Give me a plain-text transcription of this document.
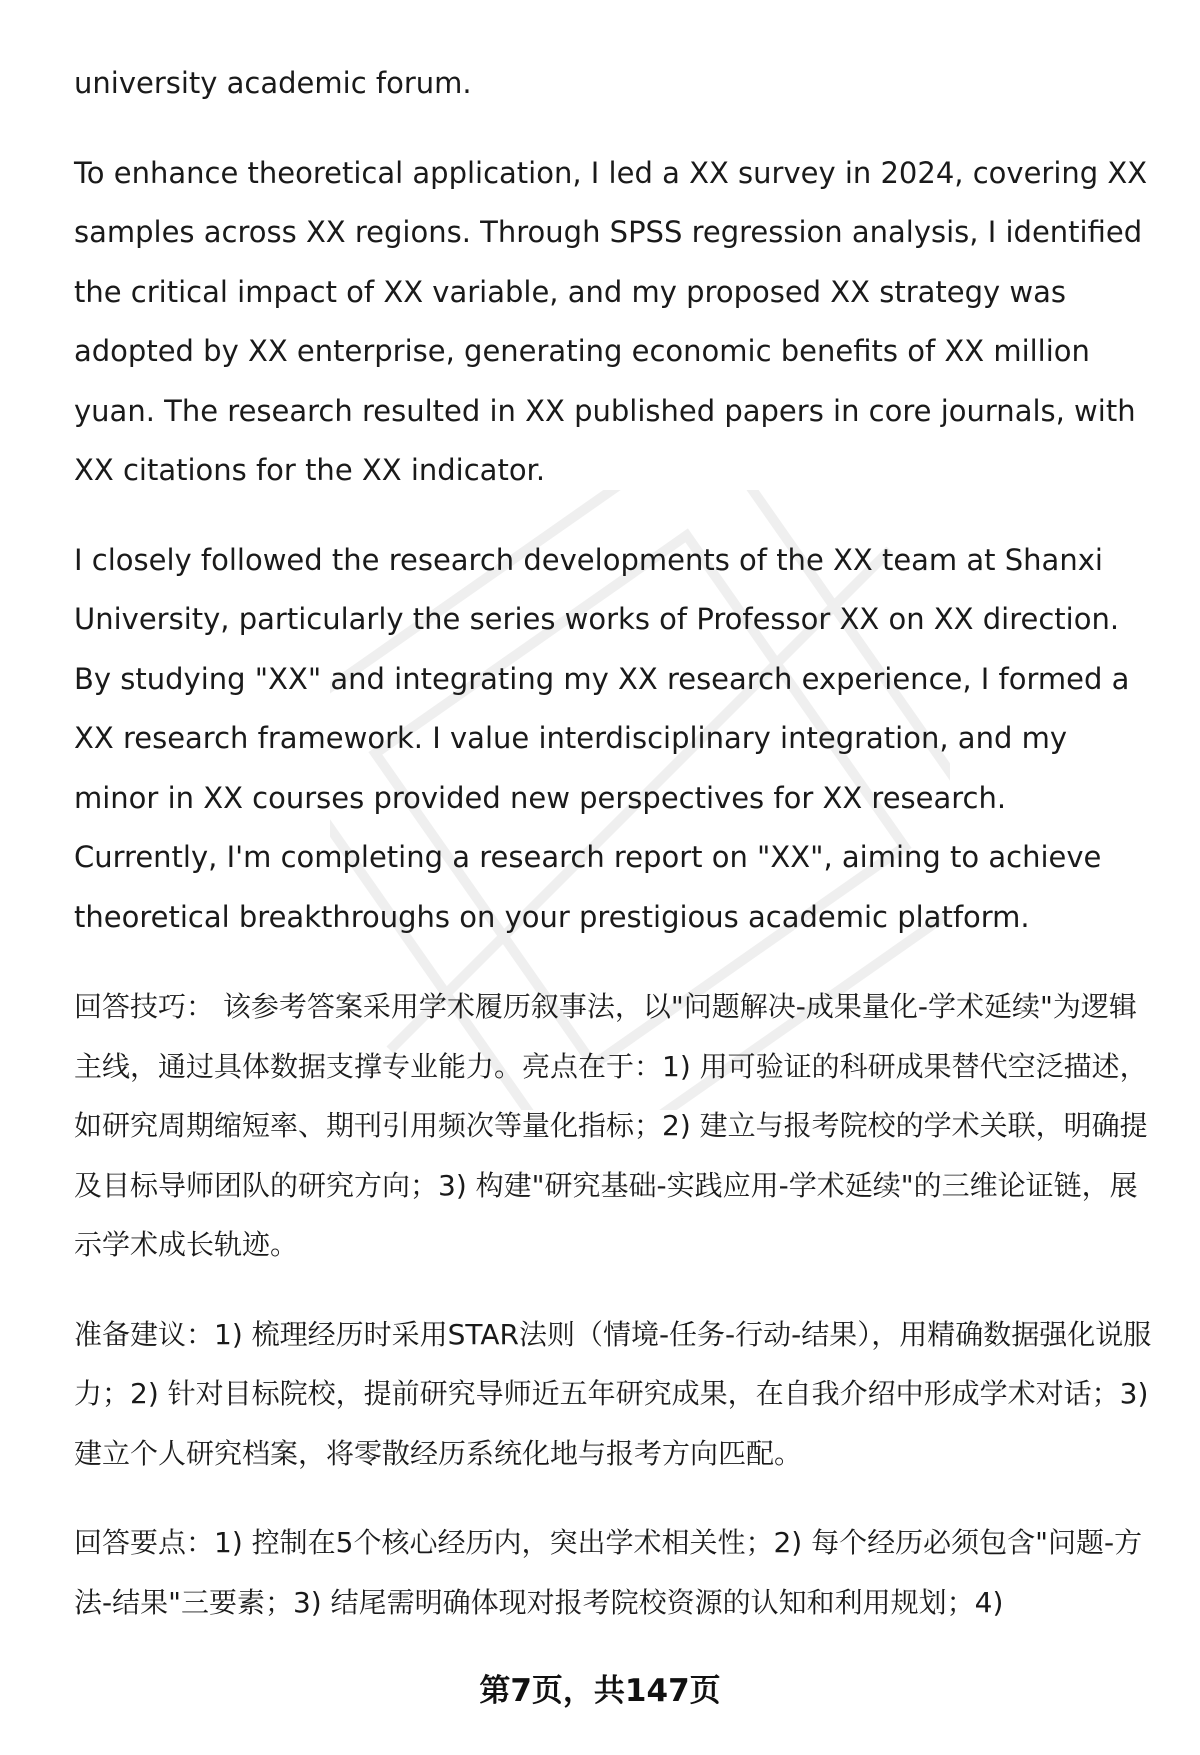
university academic forum.

To enhance theoretical application, I led a XX survey in 2024, covering XX samples across XX regions. Through SPSS regression analysis, I identified the critical impact of XX variable, and my proposed XX strategy was adopted by XX enterprise, generating economic benefits of XX million yuan. The research resulted in XX published papers in core journals, with XX citations for the XX indicator.

I closely followed the research developments of the XX team at Shanxi University, particularly the series works of Professor XX on XX direction. By studying "XX" and integrating my XX research experience, I formed a XX research framework. I value interdisciplinary integration, and my minor in XX courses provided new perspectives for XX research. Currently, I'm completing a research report on "XX", aiming to achieve theoretical breakthroughs on your prestigious academic platform.

回答技巧： 该参考答案采用学术履历叙事法，以"问题解决-成果量化-学术延续"为逻辑主线，通过具体数据支撑专业能力。亮点在于：1) 用可验证的科研成果替代空泛描述，如研究周期缩短率、期刊引用频次等量化指标；2) 建立与报考院校的学术关联，明确提及目标导师团队的研究方向；3) 构建"研究基础-实践应用-学术延续"的三维论证链，展示学术成长轨迹。

准备建议：1) 梳理经历时采用STAR法则（情境-任务-行动-结果），用精确数据强化说服力；2) 针对目标院校，提前研究导师近五年研究成果，在自我介绍中形成学术对话；3) 建立个人研究档案，将零散经历系统化地与报考方向匹配。

回答要点：1) 控制在5个核心经历内，突出学术相关性；2) 每个经历必须包含"问题-方法-结果"三要素；3) 结尾需明确体现对报考院校资源的认知和利用规划；4)

第7页，共147页
